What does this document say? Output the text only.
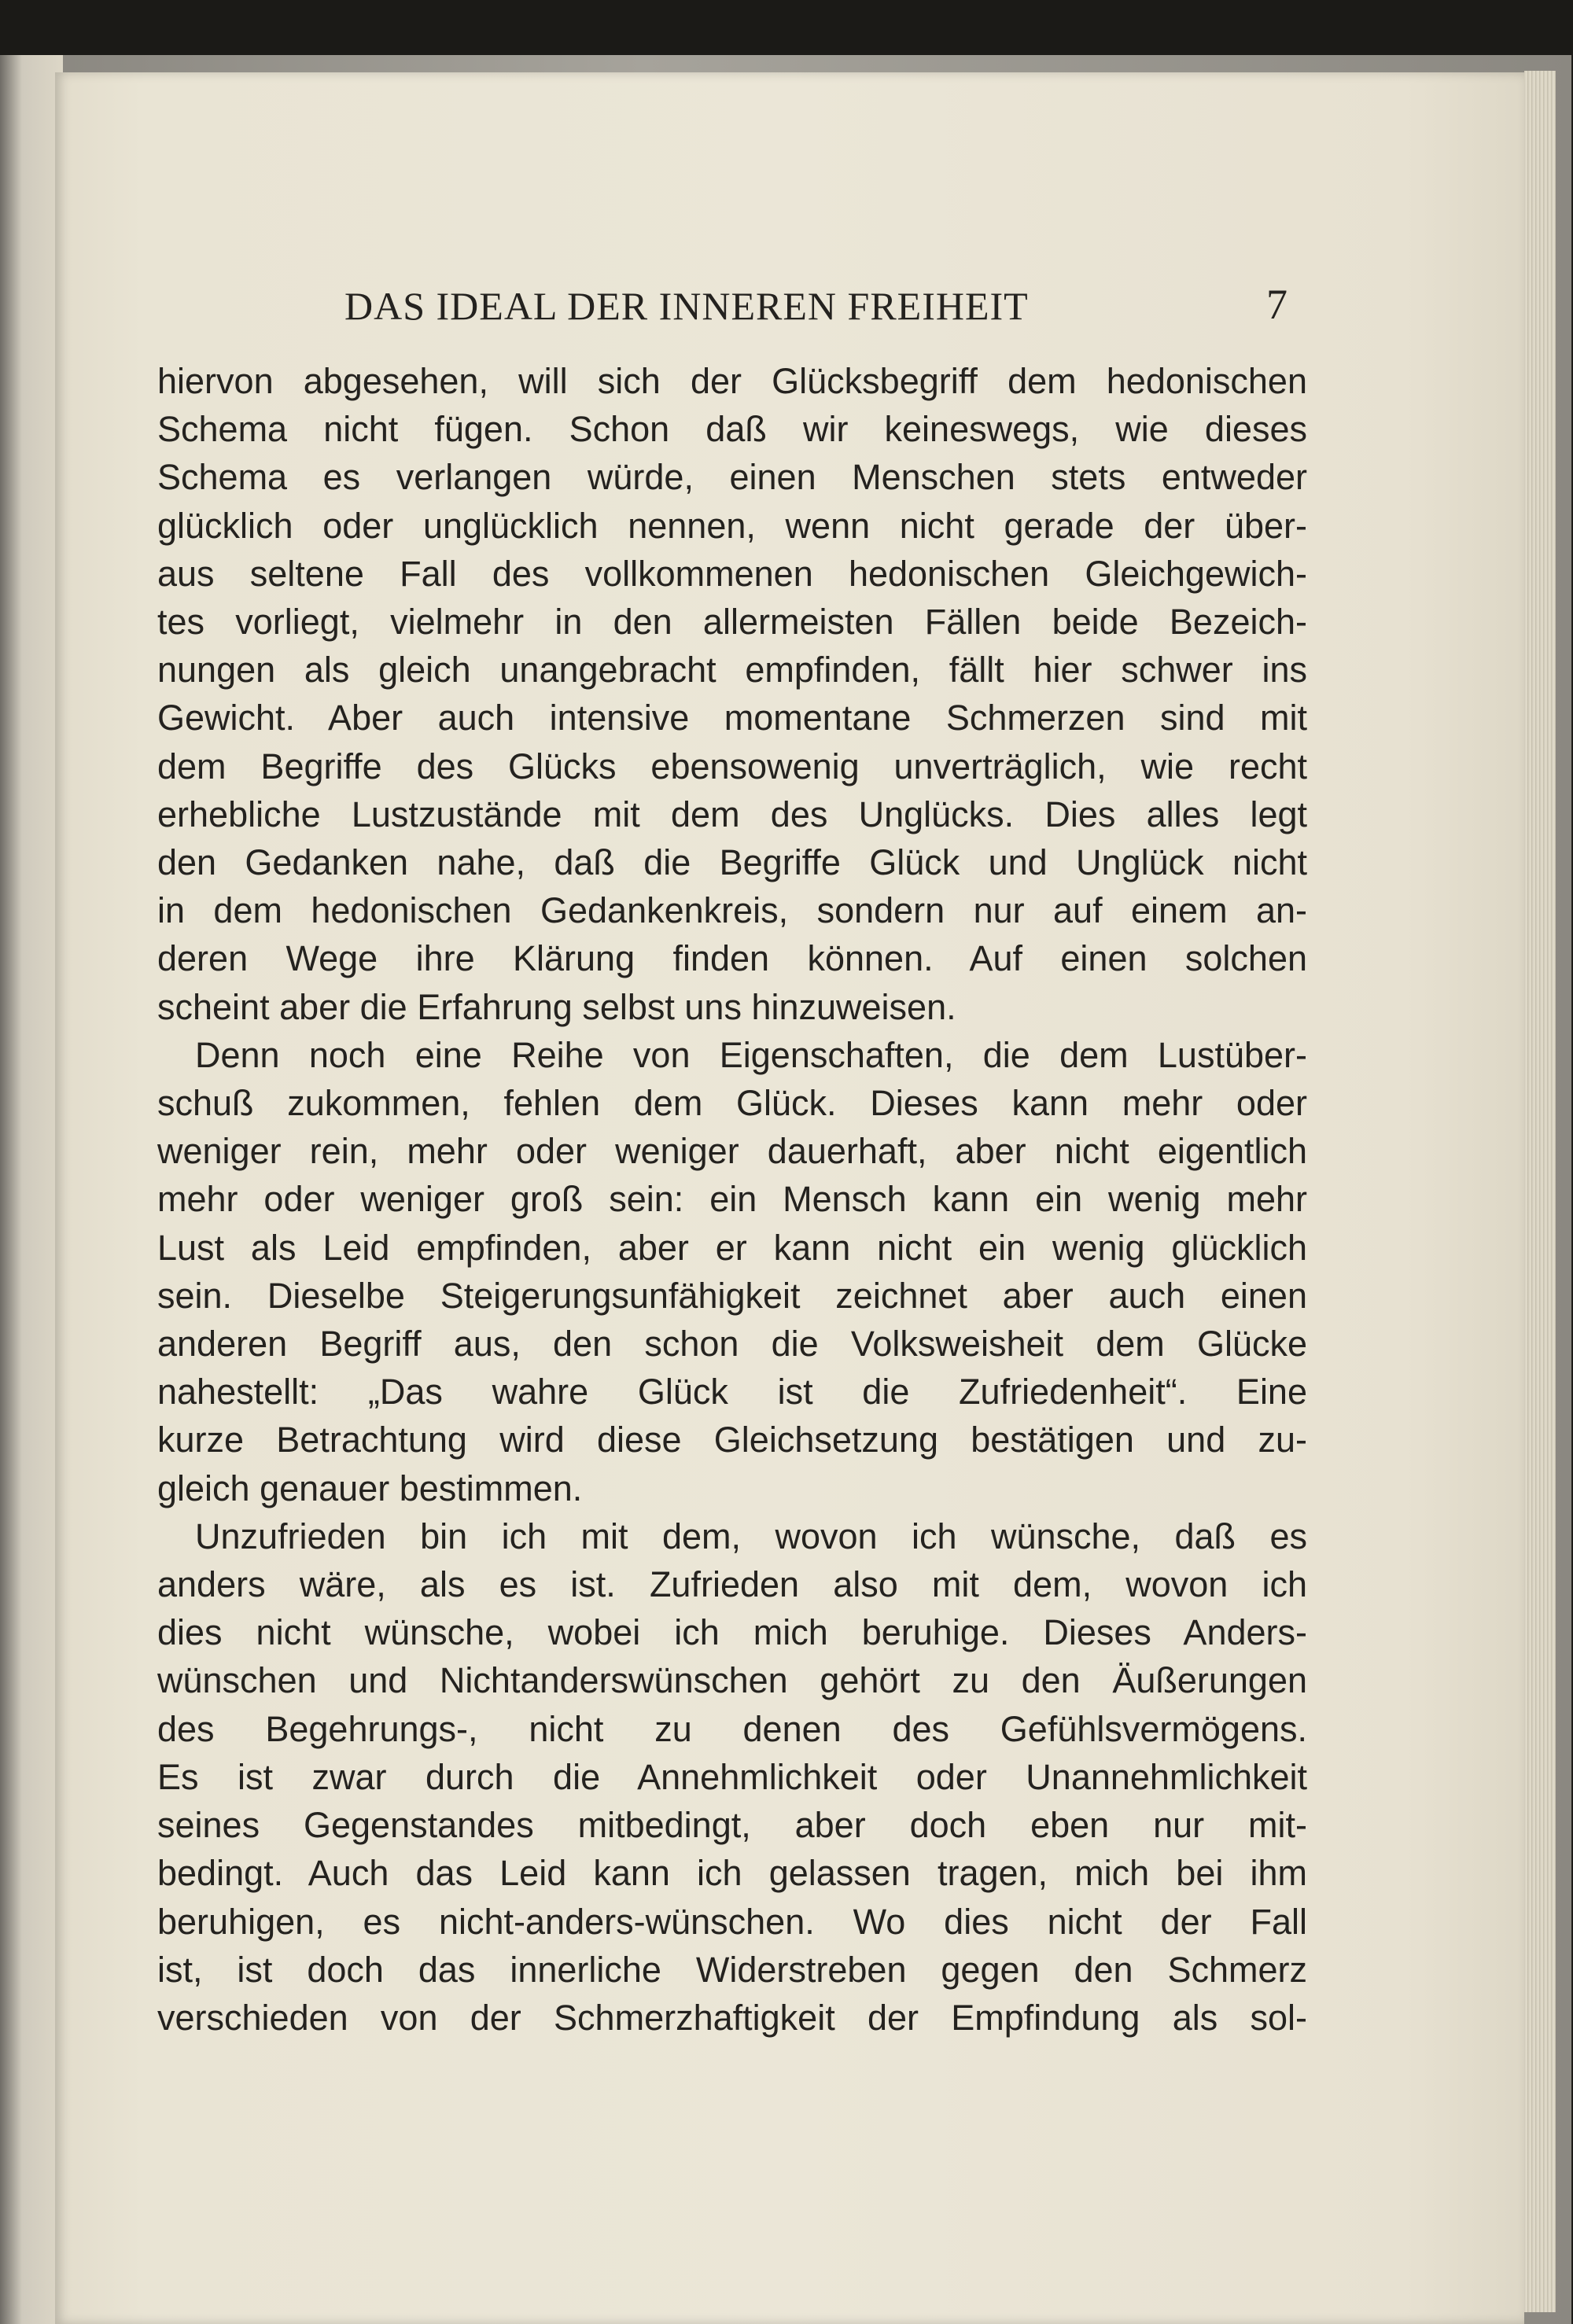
DAS IDEAL DER INNEREN FREIHEIT	7

hiervon abgesehen, will sich der Glücksbegriff dem hedonischen
Schema nicht fügen. Schon daß wir keineswegs, wie dieses
Schema es verlangen würde, einen Menschen stets entweder
glücklich oder unglücklich nennen, wenn nicht gerade der über-
aus seltene Fall des vollkommenen hedonischen Gleichgewich-
tes vorliegt, vielmehr in den allermeisten Fällen beide Bezeich-
nungen als gleich unangebracht empfinden, fällt hier schwer ins
Gewicht. Aber auch intensive momentane Schmerzen sind mit
dem Begriffe des Glücks ebensowenig unverträglich, wie recht
erhebliche Lustzustände mit dem des Unglücks. Dies alles legt
den Gedanken nahe, daß die Begriffe Glück und Unglück nicht
in dem hedonischen Gedankenkreis, sondern nur auf einem an-
deren Wege ihre Klärung finden können. Auf einen solchen
scheint aber die Erfahrung selbst uns hinzuweisen.

Denn noch eine Reihe von Eigenschaften, die dem Lustüber-
schuß zukommen, fehlen dem Glück. Dieses kann mehr oder
weniger rein, mehr oder weniger dauerhaft, aber nicht eigentlich
mehr oder weniger groß sein: ein Mensch kann ein wenig mehr
Lust als Leid empfinden, aber er kann nicht ein wenig glücklich
sein. Dieselbe Steigerungsunfähigkeit zeichnet aber auch einen
anderen Begriff aus, den schon die Volksweisheit dem Glücke
nahestellt: „Das wahre Glück ist die Zufriedenheit“. Eine
kurze Betrachtung wird diese Gleichsetzung bestätigen und zu-
gleich genauer bestimmen.

Unzufrieden bin ich mit dem, wovon ich wünsche, daß es
anders wäre, als es ist. Zufrieden also mit dem, wovon ich
dies nicht wünsche, wobei ich mich beruhige. Dieses Anders-
wünschen und Nichtanderswünschen gehört zu den Äußerungen
des Begehrungs-, nicht zu denen des Gefühlsvermögens.
Es ist zwar durch die Annehmlichkeit oder Unannehmlichkeit
seines Gegenstandes mitbedingt, aber doch eben nur mit-
bedingt. Auch das Leid kann ich gelassen tragen, mich bei ihm
beruhigen, es nicht-anders-wünschen. Wo dies nicht der Fall
ist, ist doch das innerliche Widerstreben gegen den Schmerz
verschieden von der Schmerzhaftigkeit der Empfindung als sol-
